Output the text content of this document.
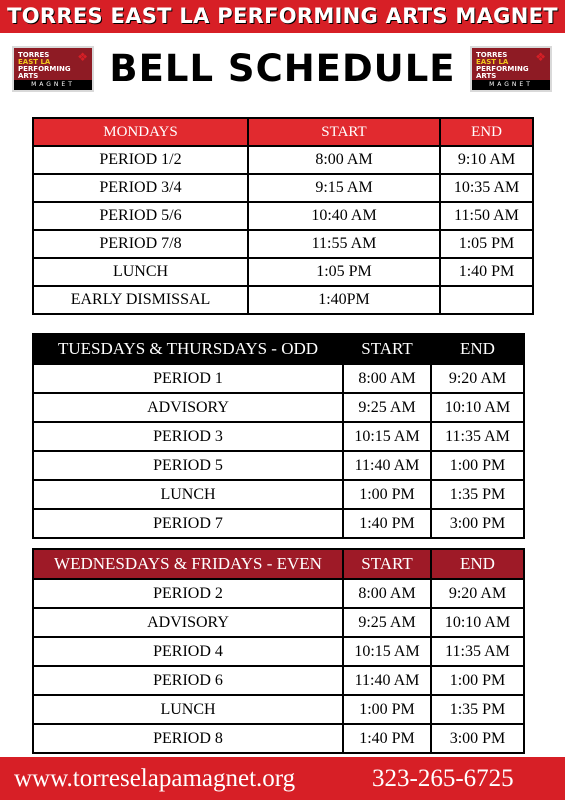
TORRES EAST LA PERFORMING ARTS MAGNET
TORRES
EAST LA
PERFORMING
ARTS
❖
MAGNET BELL SCHEDULE	TORRES
EAST LA
PERFORMING
ARTS
❖
MAGNET
MONDAYS	START	END
PERIOD 1/2	8:00 AM	9:10 AM
PERIOD 3/4	9:15 AM	10:35 AM
PERIOD 5/6	10:40 AM	11:50 AM
PERIOD 7/8	11:55 AM	1:05 PM
LUNCH	1:05 PM	1:40 PM
EARLY DISMISSAL	1:40PM	
TUESDAYS & THURSDAYS - ODD	START	END
PERIOD 1	8:00 AM	9:20 AM
ADVISORY	9:25 AM	10:10 AM
PERIOD 3	10:15 AM	11:35 AM
PERIOD 5	11:40 AM	1:00 PM
LUNCH	1:00 PM	1:35 PM
PERIOD 7	1:40 PM	3:00 PM
WEDNESDAYS & FRIDAYS - EVEN	START	END
PERIOD 2	8:00 AM	9:20 AM
ADVISORY	9:25 AM	10:10 AM
PERIOD 4	10:15 AM	11:35 AM
PERIOD 6	11:40 AM	1:00 PM
LUNCH	1:00 PM	1:35 PM
PERIOD 8	1:40 PM	3:00 PM
www.torreselapamagnet.org	323-265-6725
